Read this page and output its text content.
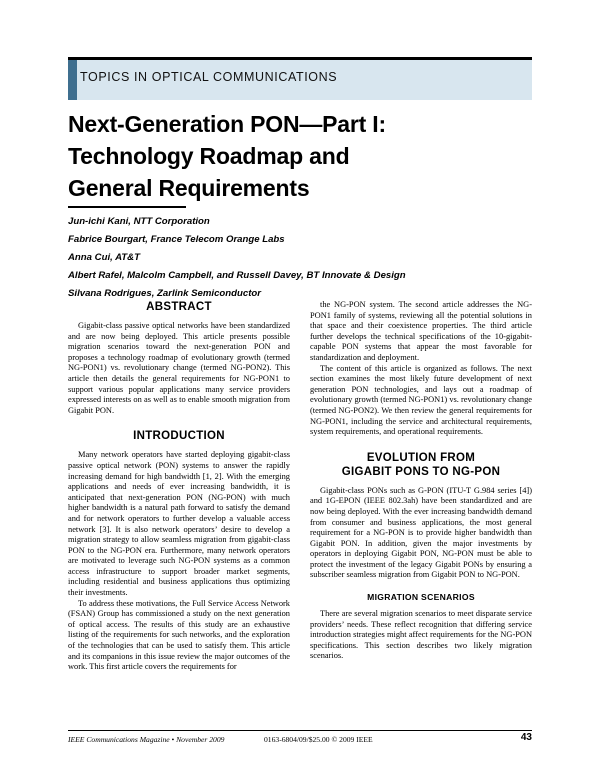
TOPICS IN OPTICAL COMMUNICATIONS
Next-Generation PON—Part I:
Technology Roadmap and
General Requirements
Jun-ichi Kani, NTT Corporation
Fabrice Bourgart, France Telecom Orange Labs
Anna Cui, AT&T
Albert Rafel, Malcolm Campbell, and Russell Davey, BT Innovate & Design
Silvana Rodrigues, Zarlink Semiconductor
ABSTRACT

Gigabit-class passive optical networks have been standardized and are now being deployed. This article presents possible migration scenarios toward the next-generation PON and proposes a technology roadmap of evolutionary growth (termed NG-PON1) vs. revolutionary change (termed NG-PON2). This article then details the general requirements for NG-PON1 to support various popular applications many service providers expressed interests on as well as to enable smooth migration from Gigabit PON.

INTRODUCTION

Many network operators have started deploying gigabit-class passive optical network (PON) systems to answer the rapidly increasing demand for high bandwidth [1, 2]. With the emerging applications and needs of ever increasing bandwidth, it is anticipated that next-generation PON (NG-PON) with much higher bandwidth is a natural path forward to satisfy the demand and for network operators to further develop a valuable access network [3]. It is also network operators’ desire to develop a migration strategy to allow seamless migration from gigabit-class PON to the NG-PON era. Furthermore, many network operators are motivated to leverage such NG-PON systems as a common access infrastructure to support broader market segments, including residential and business applications thus optimizing their investments.

To address these motivations, the Full Service Access Network (FSAN) Group has commissioned a study on the next generation of optical access. The results of this study are an exhaustive listing of the requirements for such networks, and the exploration of the technologies that can be used to satisfy them. This article and its companions in this issue review the major outcomes of the work. This first article covers the requirements for

the NG-PON system. The second article addresses the NG-PON1 family of systems, reviewing all the potential solutions in that space and their coexistence properties. The third article further develops the technical specifications of the 10-gigabit-capable PON systems that appear the most favorable for standardization and deployment.

The content of this article is organized as follows. The next section examines the most likely future development of next generation PON technologies, and lays out a roadmap of evolutionary growth (termed NG-PON1) vs. revolutionary change (termed NG-PON2). We then review the general requirements for NG-PON1, including the service and architectural requirements, system requirements, and operational requirements.

EVOLUTION FROM
GIGABIT PONS TO NG-PON

Gigabit-class PONs such as G-PON (ITU-T G.984 series [4]) and 1G-EPON (IEEE 802.3ah) have been standardized and are now being deployed. With the ever increasing bandwidth demand from consumer and business applications, the most general requirement for a NG-PON is to provide higher bandwidth than Gigabit PON. In addition, given the major investments by operators in deploying Gigabit PON, NG-PON must be able to protect the investment of the legacy Gigabit PONs by ensuring a subscriber seamless migration from Gigabit PON to NG-PON.

MIGRATION SCENARIOS

There are several migration scenarios to meet disparate service providers’ needs. These reflect recognition that differing service introduction strategies might affect requirements for the NG-PON specifications. This section describes two likely migration scenarios.

IEEE Communications Magazine • November 2009	0163-6804/09/$25.00 © 2009 IEEE	43
